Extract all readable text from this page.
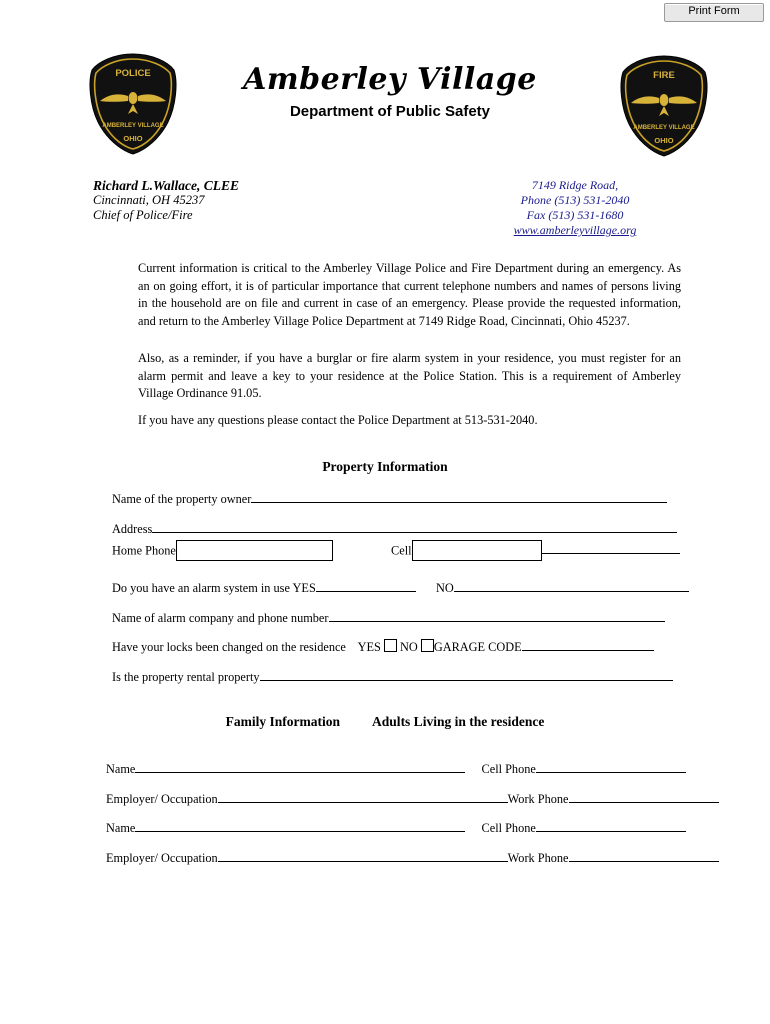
Print Form
POLICE
AMBERLEY VILLAGE
OHIO
FIRE
AMBERLEY VILLAGE
OHIO
Amberley Village
Department of Public Safety
Richard L.Wallace, CLEE
Cincinnati, OH 45237
Chief of Police/Fire
7149 Ridge Road,
Phone (513) 531-2040
Fax (513) 531-1680
www.amberleyvillage.org
Current information is critical to the Amberley Village Police and Fire Department during an emergency. As an on going effort, it is of particular importance that current telephone numbers and names of persons living in the household are on file and current in case of an emergency. Please provide the requested information, and return to the Amberley Village Police Department at 7149 Ridge Road, Cincinnati, Ohio 45237.
Also, as a reminder, if you have a burglar or fire alarm system in your residence, you must register for an alarm permit and leave a key to your residence at the Police Station. This is a requirement of Amberley Village Ordinance 91.05.
If you have any questions please contact the Police Department at 513-531-2040.
Property Information
Name of the property owner
Address
Home Phone	Cell
Do you have an alarm system in use YES	NO
Name of alarm company and phone number
Have your locks been changed on the residence YES NO GARAGE CODE
Is the property rental property
Family Information Adults Living in the residence
Name	Cell Phone
Employer/ Occupation	Work Phone
Name	Cell Phone
Employer/ Occupation	Work Phone
